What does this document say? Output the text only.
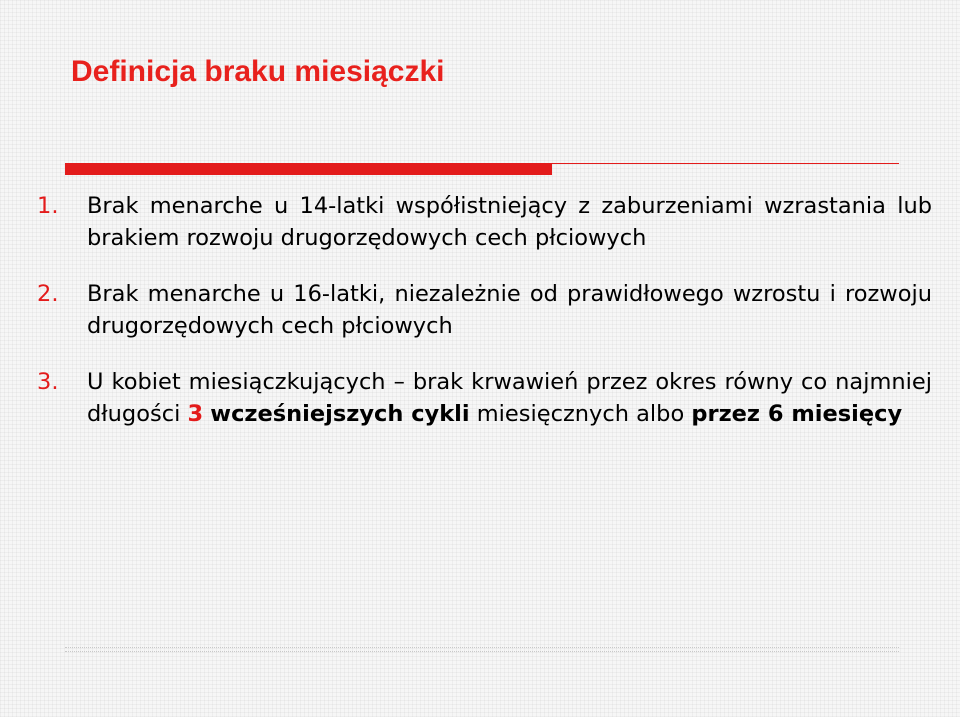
Definicja braku miesiączki
1. Brak menarche u 14-latki współistniejący z zaburzeniami wzrastania lub brakiem rozwoju drugorzędowych cech płciowych
2. Brak menarche u 16-latki, niezależnie od prawidłowego wzrostu i rozwoju drugorzędowych cech płciowych
3. U kobiet miesiączkujących – brak krwawień przez okres równy co najmniej długości 3 wcześniejszych cykli miesięcznych albo przez 6 miesięcy
